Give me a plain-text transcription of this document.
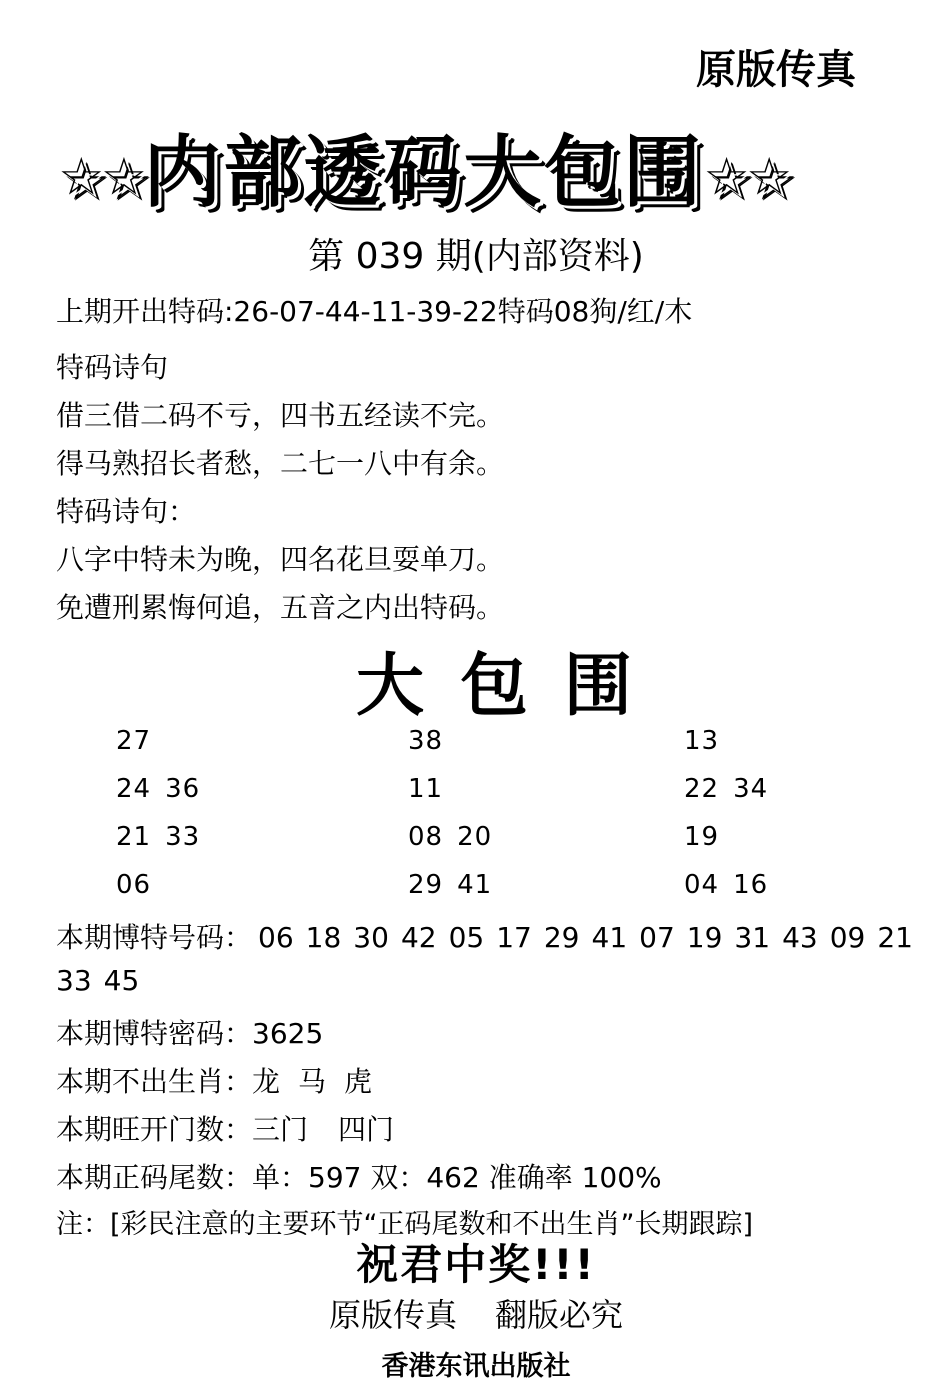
原版传真
☆☆内部透码大包围☆☆
第 039 期(内部资料)
上期开出特码:26-07-44-11-39-22特码08狗/红/木
特码诗句
借三借二码不亏，四书五经读不完。
得马熟招长者愁，二七一八中有余。
特码诗句：
八字中特未为晚，四名花旦耍单刀。
免遭刑累悔何追，五音之内出特码。
大包围
27	38	13
24 36	11	22 34
21 33	08 20	19
06	29 41	04 16
本期博特号码： 06 18 30 42 05 17 29 41 07 19 31 43 09 21
33 45
本期博特密码：3625
本期不出生肖：龙 马 虎
本期旺开门数：三门 四门
本期正码尾数：单：597 双：462 准确率 100%
注：[彩民注意的主要环节“正码尾数和不出生肖”长期跟踪]
祝君中奖!!!
原版传真 翻版必究
香港东讯出版社
